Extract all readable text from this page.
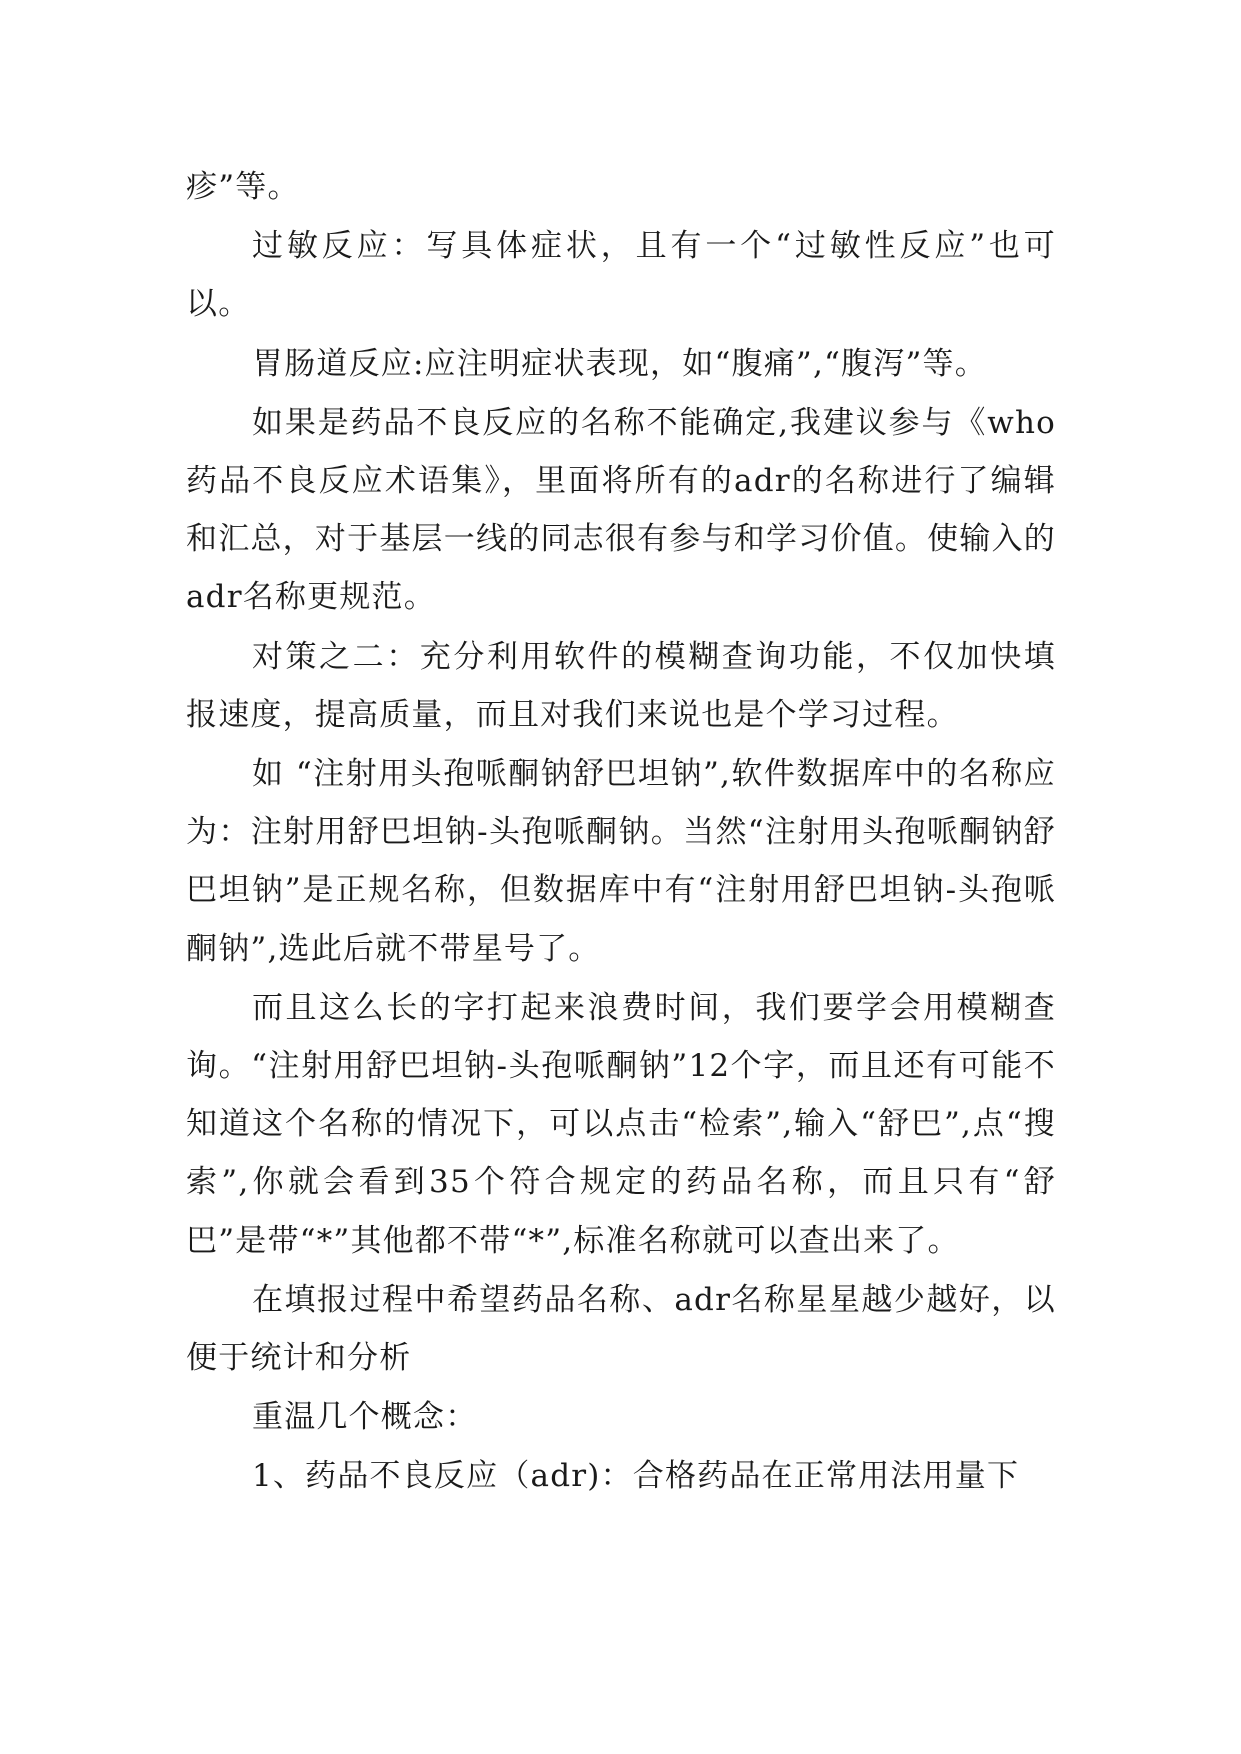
疹”等。

过敏反应：写具体症状，且有一个“过敏性反应”也可以。

胃肠道反应:应注明症状表现，如“腹痛”,“腹泻”等。

如果是药品不良反应的名称不能确定,我建议参与《who药品不良反应术语集》，里面将所有的adr的名称进行了编辑和汇总，对于基层一线的同志很有参与和学习价值。使输入的adr名称更规范。

对策之二：充分利用软件的模糊查询功能，不仅加快填报速度，提高质量，而且对我们来说也是个学习过程。

如 “注射用头孢哌酮钠舒巴坦钠”,软件数据库中的名称应为：注射用舒巴坦钠-头孢哌酮钠。当然“注射用头孢哌酮钠舒巴坦钠”是正规名称，但数据库中有“注射用舒巴坦钠-头孢哌酮钠”,选此后就不带星号了。

而且这么长的字打起来浪费时间，我们要学会用模糊查询。“注射用舒巴坦钠-头孢哌酮钠”12个字，而且还有可能不知道这个名称的情况下，可以点击“检索”,输入“舒巴”,点“搜索”,你就会看到35个符合规定的药品名称，而且只有“舒巴”是带“*”其他都不带“*”,标准名称就可以查出来了。

在填报过程中希望药品名称、adr名称星星越少越好，以便于统计和分析

重温几个概念：

1、药品不良反应（adr)：合格药品在正常用法用量下
